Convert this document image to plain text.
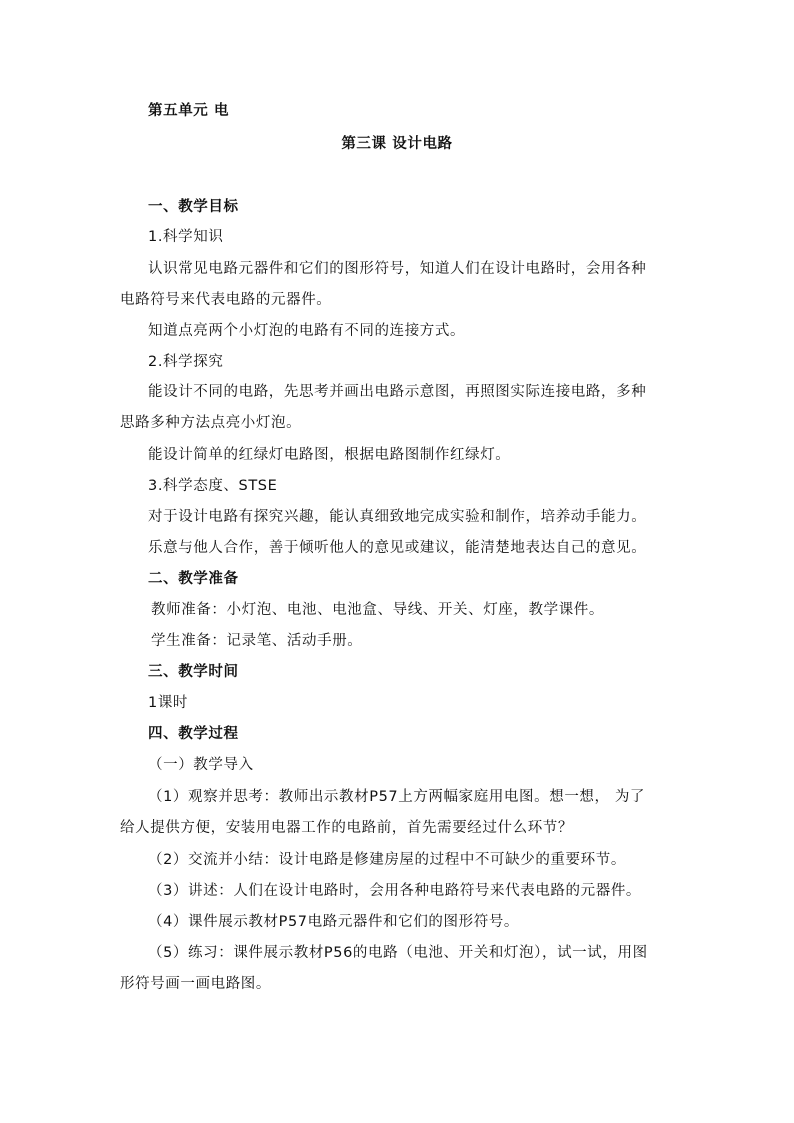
第五单元 电
第三课 设计电路
一、教学目标
1.科学知识
认识常见电路元器件和它们的图形符号，知道人们在设计电路时，会用各种
电路符号来代表电路的元器件。
知道点亮两个小灯泡的电路有不同的连接方式。
2.科学探究
能设计不同的电路，先思考并画出电路示意图，再照图实际连接电路，多种
思路多种方法点亮小灯泡。
能设计简单的红绿灯电路图，根据电路图制作红绿灯。
3.科学态度、STSE
对于设计电路有探究兴趣，能认真细致地完成实验和制作，培养动手能力。
乐意与他人合作，善于倾听他人的意见或建议，能清楚地表达自己的意见。
二、教学准备
教师准备：小灯泡、电池、电池盒、导线、开关、灯座，教学课件。
学生准备：记录笔、活动手册。
三、教学时间
1课时
四、教学过程
（一）教学导入
（1）观察并思考：教师出示教材P57上方两幅家庭用电图。想一想， 为了
给人提供方便，安装用电器工作的电路前，首先需要经过什么环节？
（2）交流并小结：设计电路是修建房屋的过程中不可缺少的重要环节。
（3）讲述：人们在设计电路时，会用各种电路符号来代表电路的元器件。
（4）课件展示教材P57电路元器件和它们的图形符号。
（5）练习：课件展示教材P56的电路（电池、开关和灯泡），试一试，用图
形符号画一画电路图。
